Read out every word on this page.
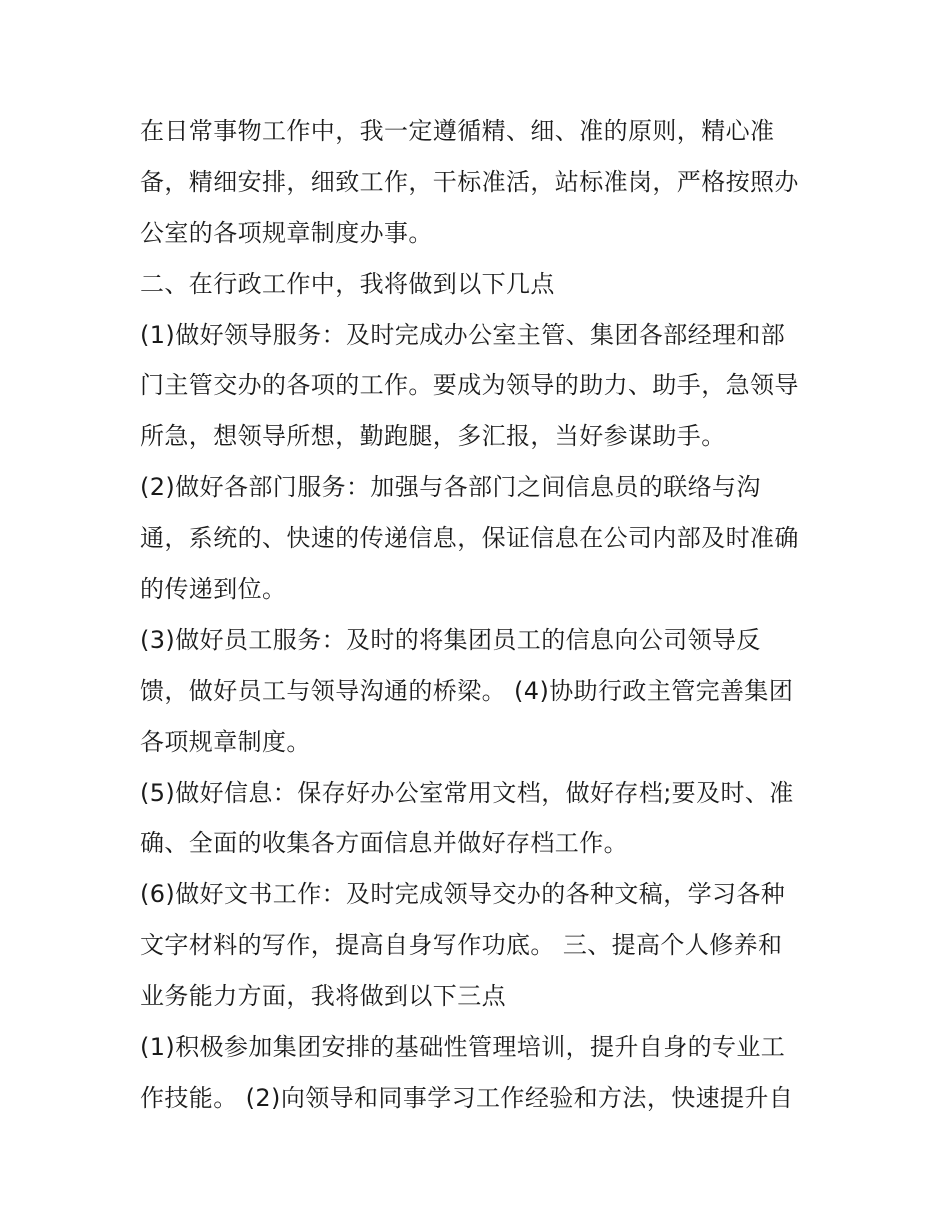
在日常事物工作中，我一定遵循精、细、准的原则，精心准
备，精细安排，细致工作，干标准活，站标准岗，严格按照办
公室的各项规章制度办事。
二、在行政工作中，我将做到以下几点
(1)做好领导服务：及时完成办公室主管、集团各部经理和部
门主管交办的各项的工作。要成为领导的助力、助手，急领导
所急，想领导所想，勤跑腿，多汇报，当好参谋助手。
(2)做好各部门服务：加强与各部门之间信息员的联络与沟
通，系统的、快速的传递信息，保证信息在公司内部及时准确
的传递到位。
(3)做好员工服务：及时的将集团员工的信息向公司领导反
馈，做好员工与领导沟通的桥梁。 (4)协助行政主管完善集团
各项规章制度。
(5)做好信息：保存好办公室常用文档，做好存档;要及时、准
确、全面的收集各方面信息并做好存档工作。
(6)做好文书工作：及时完成领导交办的各种文稿，学习各种
文字材料的写作，提高自身写作功底。 三、提高个人修养和
业务能力方面，我将做到以下三点
(1)积极参加集团安排的基础性管理培训，提升自身的专业工
作技能。 (2)向领导和同事学习工作经验和方法，快速提升自
